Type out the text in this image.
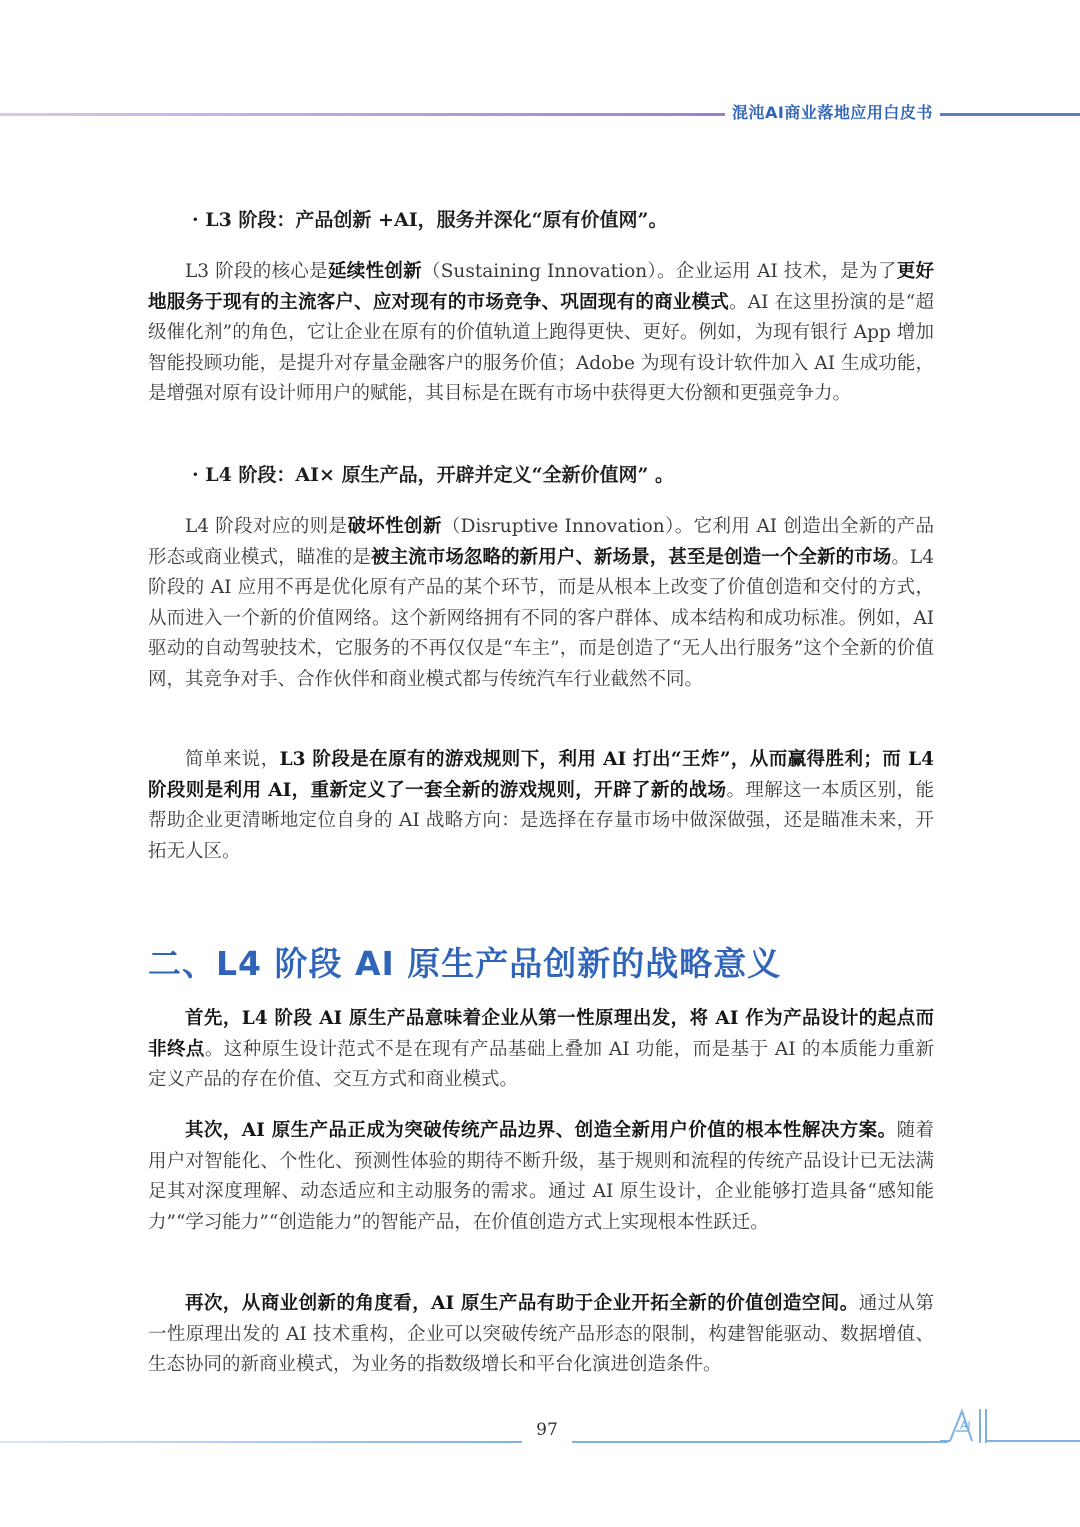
混沌AI商业落地应用白皮书
· L3 阶段：产品创新 +AI，服务并深化“原有价值网”。
L3 阶段的核心是延续性创新（Sustaining Innovation）。企业运用 AI 技术，是为了更好地服务于现有的主流客户、应对现有的市场竞争、巩固现有的商业模式。AI 在这里扮演的是“超级催化剂”的角色，它让企业在原有的价值轨道上跑得更快、更好。例如，为现有银行 App 增加智能投顾功能，是提升对存量金融客户的服务价值；Adobe 为现有设计软件加入 AI 生成功能，是增强对原有设计师用户的赋能，其目标是在既有市场中获得更大份额和更强竞争力。
· L4 阶段：AI× 原生产品，开辟并定义“全新价值网” 。
L4 阶段对应的则是破坏性创新（Disruptive Innovation）。它利用 AI 创造出全新的产品形态或商业模式，瞄准的是被主流市场忽略的新用户、新场景，甚至是创造一个全新的市场。L4 阶段的 AI 应用不再是优化原有产品的某个环节，而是从根本上改变了价值创造和交付的方式，从而进入一个新的价值网络。这个新网络拥有不同的客户群体、成本结构和成功标准。例如，AI 驱动的自动驾驶技术，它服务的不再仅仅是“车主”，而是创造了“无人出行服务”这个全新的价值网，其竞争对手、合作伙伴和商业模式都与传统汽车行业截然不同。
简单来说，L3 阶段是在原有的游戏规则下，利用 AI 打出“王炸”，从而赢得胜利；而 L4 阶段则是利用 AI，重新定义了一套全新的游戏规则，开辟了新的战场。理解这一本质区别，能帮助企业更清晰地定位自身的 AI 战略方向：是选择在存量市场中做深做强，还是瞄准未来，开拓无人区。
首先，L4 阶段 AI 原生产品意味着企业从第一性原理出发，将 AI 作为产品设计的起点而非终点。这种原生设计范式不是在现有产品基础上叠加 AI 功能，而是基于 AI 的本质能力重新定义产品的存在价值、交互方式和商业模式。
其次，AI 原生产品正成为突破传统产品边界、创造全新用户价值的根本性解决方案。随着用户对智能化、个性化、预测性体验的期待不断升级，基于规则和流程的传统产品设计已无法满足其对深度理解、动态适应和主动服务的需求。通过 AI 原生设计，企业能够打造具备“感知能力”“学习能力”“创造能力”的智能产品，在价值创造方式上实现根本性跃迁。
再次，从商业创新的角度看，AI 原生产品有助于企业开拓全新的价值创造空间。通过从第一性原理出发的 AI 技术重构，企业可以突破传统产品形态的限制，构建智能驱动、数据增值、生态协同的新商业模式，为业务的指数级增长和平台化演进创造条件。
二、L4 阶段 AI 原生产品创新的战略意义
97	AI
